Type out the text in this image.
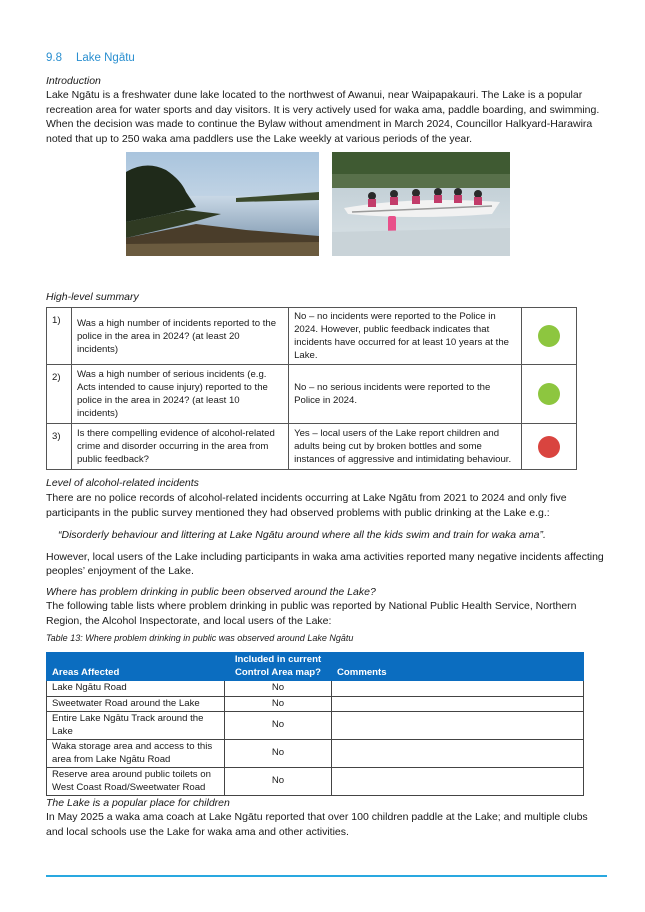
9.8 Lake Ngātu
Introduction
Lake Ngātu is a freshwater dune lake located to the northwest of Awanui, near Waipapakauri. The Lake is a popular recreation area for water sports and day visitors. It is very actively used for waka ama, paddle boarding, and swimming. When the decision was made to continue the Bylaw without amendment in March 2024, Councillor Halkyard-Harawira noted that up to 250 waka ama paddlers use the Lake weekly at various periods of the year.
High-level summary
1)	Was a high number of incidents reported to the police in the area in 2024? (at least 20 incidents)	No – no incidents were reported to the Police in 2024. However, public feedback indicates that incidents have occurred for at least 10 years at the Lake.	

2)	Was a high number of serious incidents (e.g. Acts intended to cause injury) reported to the police in the area in 2024? (at least 10 incidents)	No – no serious incidents were reported to the Police in 2024.	

3)	Is there compelling evidence of alcohol-related crime and disorder occurring in the area from public feedback?	Yes – local users of the Lake report children and adults being cut by broken bottles and some instances of aggressive and intimidating behaviour.	
Level of alcohol-related incidents
There are no police records of alcohol-related incidents occurring at Lake Ngātu from 2021 to 2024 and only five participants in the public survey mentioned they had observed problems with public drinking at the Lake e.g.:
“Disorderly behaviour and littering at Lake Ngātu around where all the kids swim and train for waka ama”.
However, local users of the Lake including participants in waka ama activities reported many negative incidents affecting peoples’ enjoyment of the Lake.
Where has problem drinking in public been observed around the Lake?
The following table lists where problem drinking in public was reported by National Public Health Service, Northern Region, the Alcohol Inspectorate, and local users of the Lake:
Table 13: Where problem drinking in public was observed around Lake Ngātu
Areas Affected	Included in current Control Area map?	Comments
Lake Ngātu Road	No	
Sweetwater Road around the Lake	No	
Entire Lake Ngātu Track around the Lake	No	
Waka storage area and access to this area from Lake Ngātu Road	No	
Reserve area around public toilets on West Coast Road/Sweetwater Road	No	
The Lake is a popular place for children
In May 2025 a waka ama coach at Lake Ngātu reported that over 100 children paddle at the Lake; and multiple clubs and local schools use the Lake for waka ama and other activities.
